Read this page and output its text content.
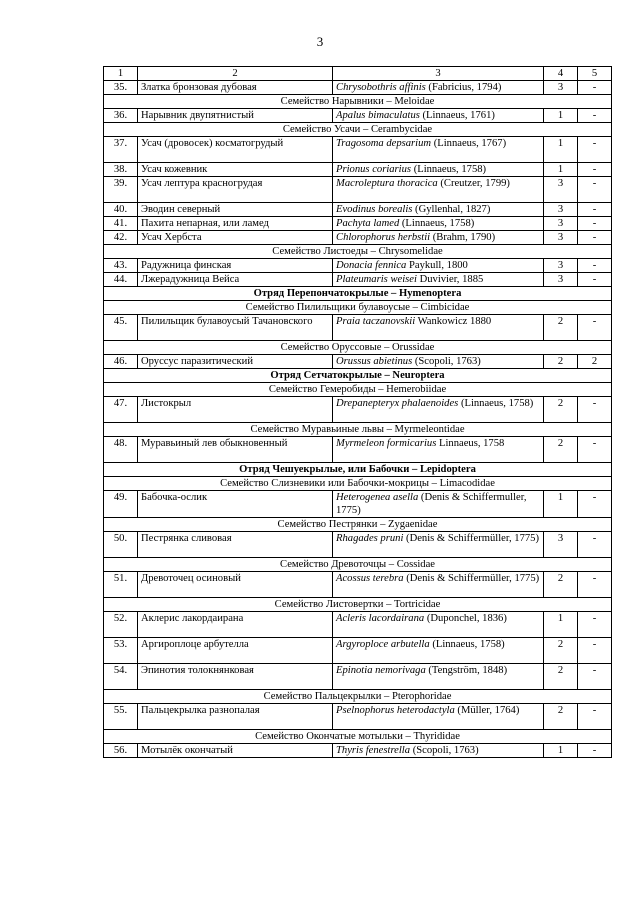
3
1	2	3	4	5
35.	Златка бронзовая дубовая	Chrysobothris affinis (Fabricius, 1794)	3	-
Семейство Нарывники – Meloidae				
36.	Нарывник двупятнистый	Apalus bimaculatus (Linnaeus, 1761)	1	-
Семейство Усачи – Cerambycidae				
37.	Усач (дровосек) косматогрудый	Tragosoma depsarium (Linnaeus, 1767)	1	-
38.	Усач кожевник	Prionus coriarius (Linnaeus, 1758)	1	-
39.	Усач лептура красногрудая	Macroleptura thoracica (Creutzer, 1799)	3	-
40.	Эводин северный	Evodinus borealis (Gyllenhal, 1827)	3	-
41.	Пахита непарная, или ламед	Pachyta lamed (Linnaeus, 1758)	3	-
42.	Усач Хербста	Chlorophorus herbstii (Brahm, 1790)	3	-
Семейство Листоеды – Chrysomelidae				
43.	Радужница финская	Donacia fennica Paykull, 1800	3	-
44.	Лжерадужница Вейса	Plateumaris weisei Duvivier, 1885	3	-
Отряд Перепончатокрылые – Hymenoptera				
Семейство Пилильщики булавоусые – Cimbicidae				
45.	Пилильщик булавоусый Тачановского	Praia taczanovskii Wankowicz 1880	2	-
Семейство Оруссовые – Orussidae				
46.	Оруссус паразитический	Orussus abietinus (Scopoli, 1763)	2	2
Отряд Сетчатокрылые – Neuroptera				
Семейство Гемеробиды – Hemerobiidae				
47.	Листокрыл	Drepanepteryx phalaenoides (Linnaeus, 1758)	2	-
Семейство Муравьиные львы – Myrmeleontidae				
48.	Муравьиный лев обыкновенный	Myrmeleon formicarius Linnaeus, 1758	2	-
Отряд Чешуекрылые, или Бабочки – Lepidoptera				
Семейство Слизневики или Бабочки-мокрицы – Limacodidae				
49.	Бабочка-ослик	Heterogenea asella (Denis & Schiffermuller, 1775)	1	-
Семейство Пестрянки – Zygaenidae				
50.	Пестрянка сливовая	Rhagades pruni (Denis & Schiffermüller, 1775)	3	-
Семейство Древоточцы – Cossidae				
51.	Древоточец осиновый	Acossus terebra (Denis & Schiffermüller, 1775)	2	-
Семейство Листовертки – Tortricidae				
52.	Аклерис лакордаирана	Acleris lacordairana (Duponchel, 1836)	1	-
53.	Аргироплоце арбутелла	Argyroploce arbutella (Linnaeus, 1758)	2	-
54.	Эпинотия толокнянковая	Epinotia nemorivaga (Tengström, 1848)	2	-
Семейство Пальцекрылки – Pterophoridae				
55.	Пальцекрылка разнопалая	Pselnophorus heterodactyla (Müller, 1764)	2	-
Семейство Окончатые мотыльки – Thyrididae				
56.	Мотылёк окончатый	Thyris fenestrella (Scopoli, 1763)	1	-
